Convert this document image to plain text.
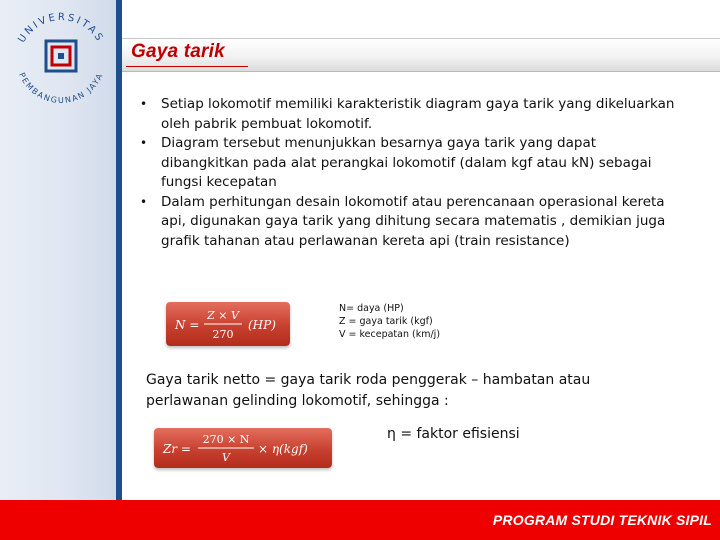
UNIVERSITAS
PEMBANGUNAN JAYA
Gaya tarik
• Setiap lokomotif memiliki karakteristik diagram gaya tarik yang dikeluarkan oleh pabrik pembuat lokomotif.
• Diagram tersebut menunjukkan besarnya gaya tarik yang dapat dibangkitkan pada alat perangkai lokomotif (dalam kgf atau kN) sebagai fungsi kecepatan
• Dalam perhitungan desain lokomotif atau perencanaan operasional kereta api, digunakan gaya tarik yang dihitung secara matematis , demikian juga grafik tahanan atau perlawanan kereta api (train resistance)
N =
Z × V
270
(HP)
N= daya (HP)
Z = gaya tarik (kgf)
V = kecepatan (km/j)
Gaya tarik netto = gaya tarik roda penggerak – hambatan atau perlawanan gelinding lokomotif, sehingga :
Zr =
270 × N
V
× η(kgf)
η = faktor efisiensi
PROGRAM STUDI TEKNIK SIPIL
